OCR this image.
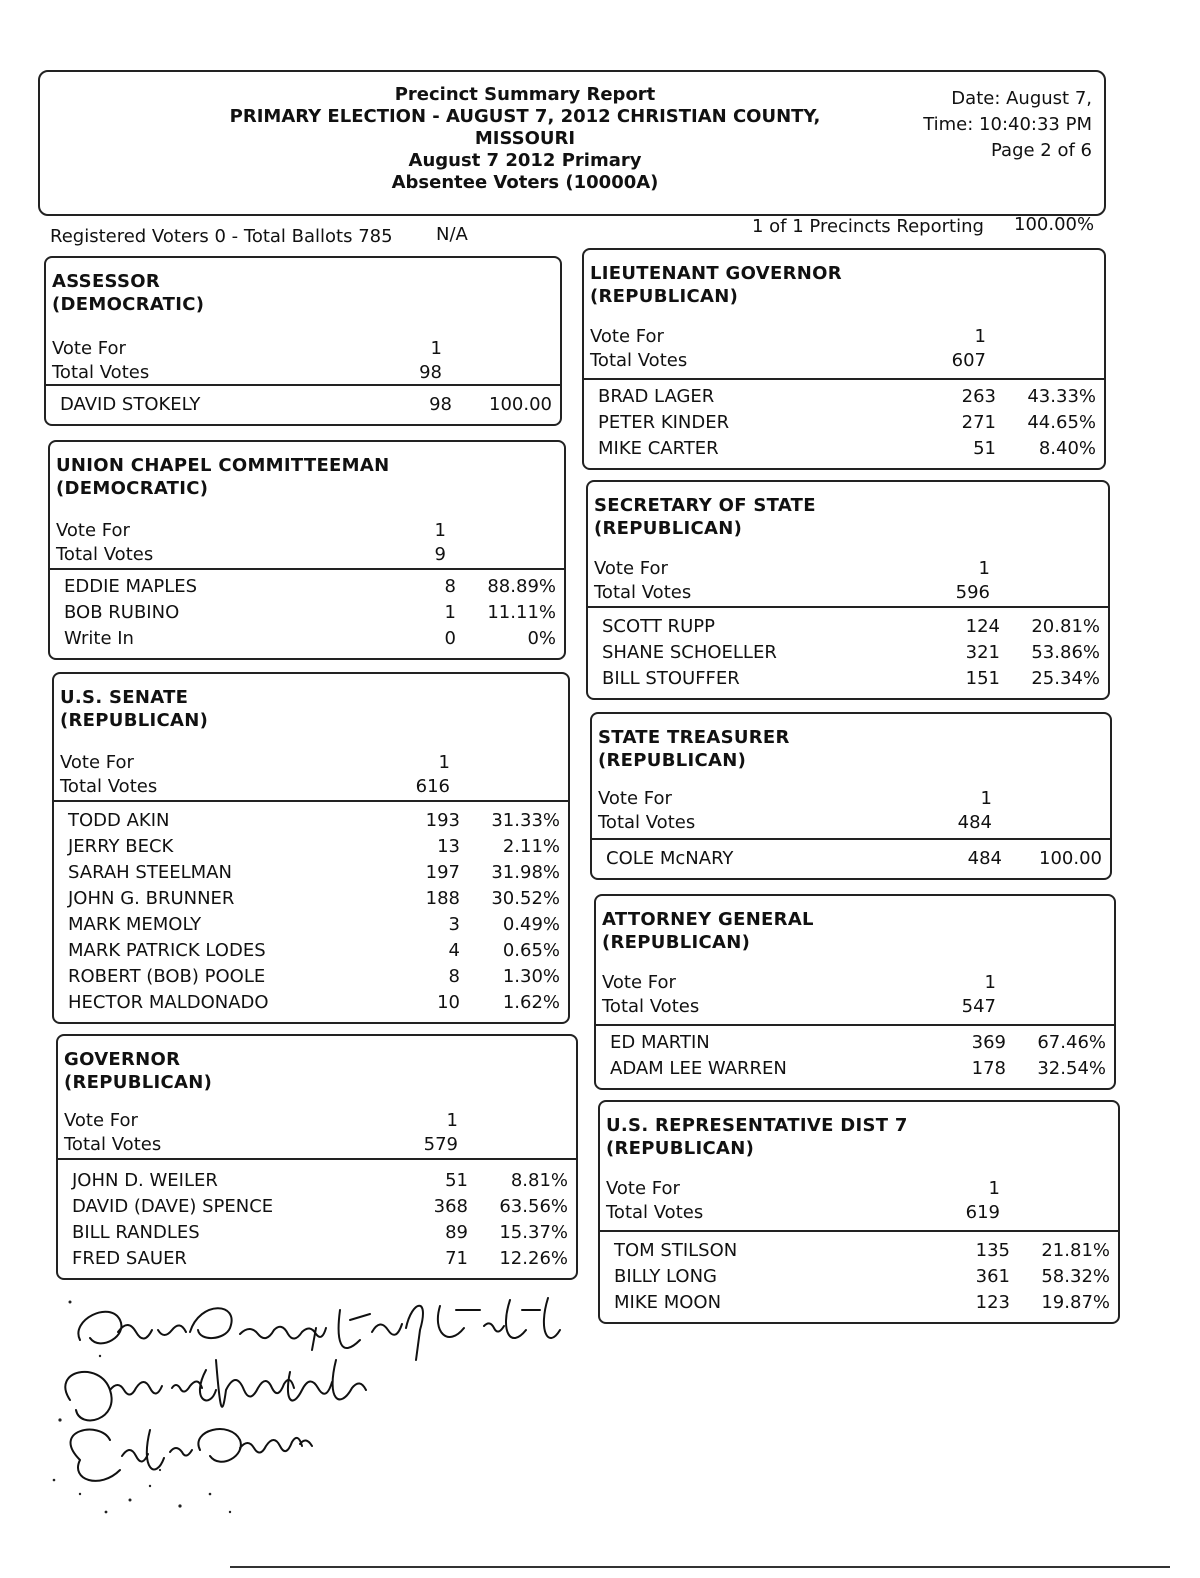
Precinct Summary Report
PRIMARY ELECTION - AUGUST 7, 2012 CHRISTIAN COUNTY,
MISSOURI
August 7 2012 Primary
Absentee Voters (10000A)
Date: August 7,
Time: 10:40:33 PM
Page 2 of 6
Registered Voters 0 - Total Ballots 785 N/A	1 of 1 Precincts Reporting 100.00%
ASSESSOR
(DEMOCRATIC)
Vote For	1
Total Votes	98
DAVID STOKELY	98	100.00
UNION CHAPEL COMMITTEEMAN
(DEMOCRATIC)
Vote For	1
Total Votes	9
EDDIE MAPLES	8	88.89%
BOB RUBINO	1	11.11%
Write In	0	0%
U.S. SENATE
(REPUBLICAN)
Vote For	1
Total Votes	616
TODD AKIN	193	31.33%
JERRY BECK	13	2.11%
SARAH STEELMAN	197	31.98%
JOHN G. BRUNNER	188	30.52%
MARK MEMOLY	3	0.49%
MARK PATRICK LODES	4	0.65%
ROBERT (BOB) POOLE	8	1.30%
HECTOR MALDONADO	10	1.62%
GOVERNOR
(REPUBLICAN)
Vote For	1
Total Votes	579
JOHN D. WEILER	51	8.81%
DAVID (DAVE) SPENCE	368	63.56%
BILL RANDLES	89	15.37%
FRED SAUER	71	12.26%
LIEUTENANT GOVERNOR
(REPUBLICAN)
Vote For	1
Total Votes	607
BRAD LAGER	263	43.33%
PETER KINDER	271	44.65%
MIKE CARTER	51	8.40%
SECRETARY OF STATE
(REPUBLICAN)
Vote For	1
Total Votes	596
SCOTT RUPP	124	20.81%
SHANE SCHOELLER	321	53.86%
BILL STOUFFER	151	25.34%
STATE TREASURER
(REPUBLICAN)
Vote For	1
Total Votes	484
COLE McNARY	484	100.00
ATTORNEY GENERAL
(REPUBLICAN)
Vote For	1
Total Votes	547
ED MARTIN	369	67.46%
ADAM LEE WARREN	178	32.54%
U.S. REPRESENTATIVE DIST 7
(REPUBLICAN)
Vote For	1
Total Votes	619
TOM STILSON	135	21.81%
BILLY LONG	361	58.32%
MIKE MOON	123	19.87%
